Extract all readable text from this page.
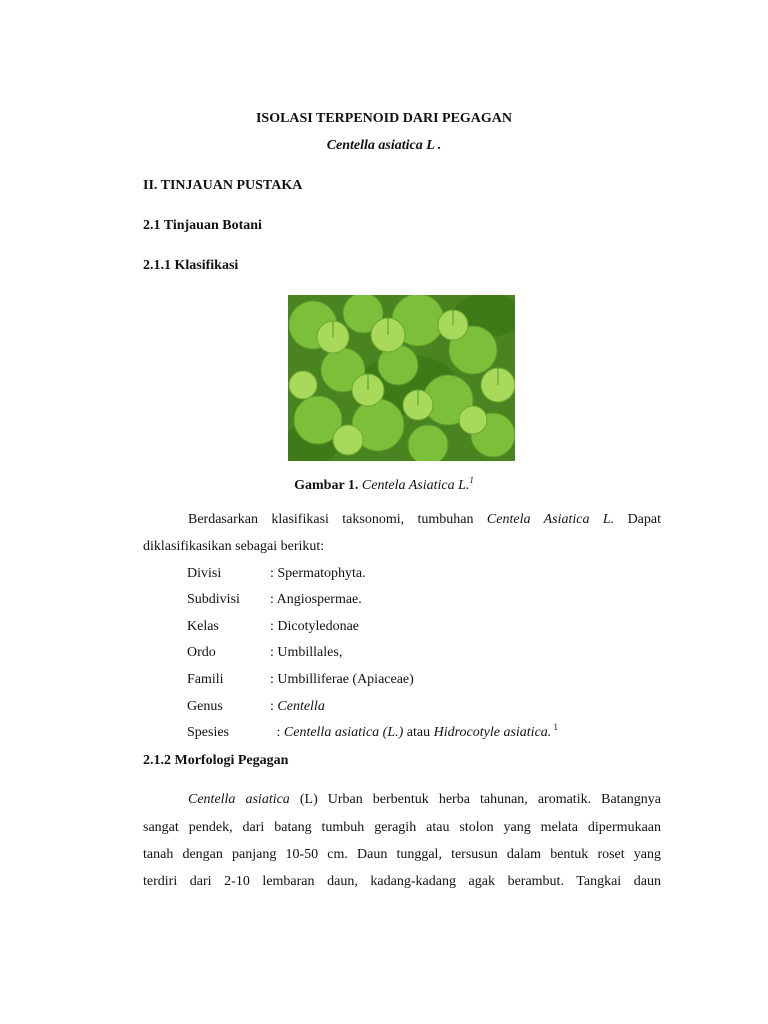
ISOLASI TERPENOID DARI PEGAGAN
Centella asiatica L .
II. TINJAUAN PUSTAKA
2.1 Tinjauan Botani
2.1.1 Klasifikasi
Gambar 1. Centela Asiatica L.$^1$
Berdasarkan klasifikasi taksonomi, tumbuhan Centela Asiatica L. Dapat
diklasifikasikan sebagai berikut:
Divisi	: Spermatophyta.
Subdivisi : Angiospermae.
Kelas	: Dicotyledonae
Ordo	: Umbillales,
Famili	: Umbilliferae (Apiaceae)
Genus	: Centella
Spesies	: Centella asiatica (L.) atau Hidrocotyle asiatica. $^1$
2.1.2 Morfologi Pegagan
Centella asiatica (L) Urban berbentuk herba tahunan, aromatik. Batangnya
sangat pendek, dari batang tumbuh geragih atau stolon yang melata dipermukaan
tanah dengan panjang 10-50 cm. Daun tunggal, tersusun dalam bentuk roset yang
terdiri dari 2-10 lembaran daun, kadang-kadang agak berambut. Tangkai daun
